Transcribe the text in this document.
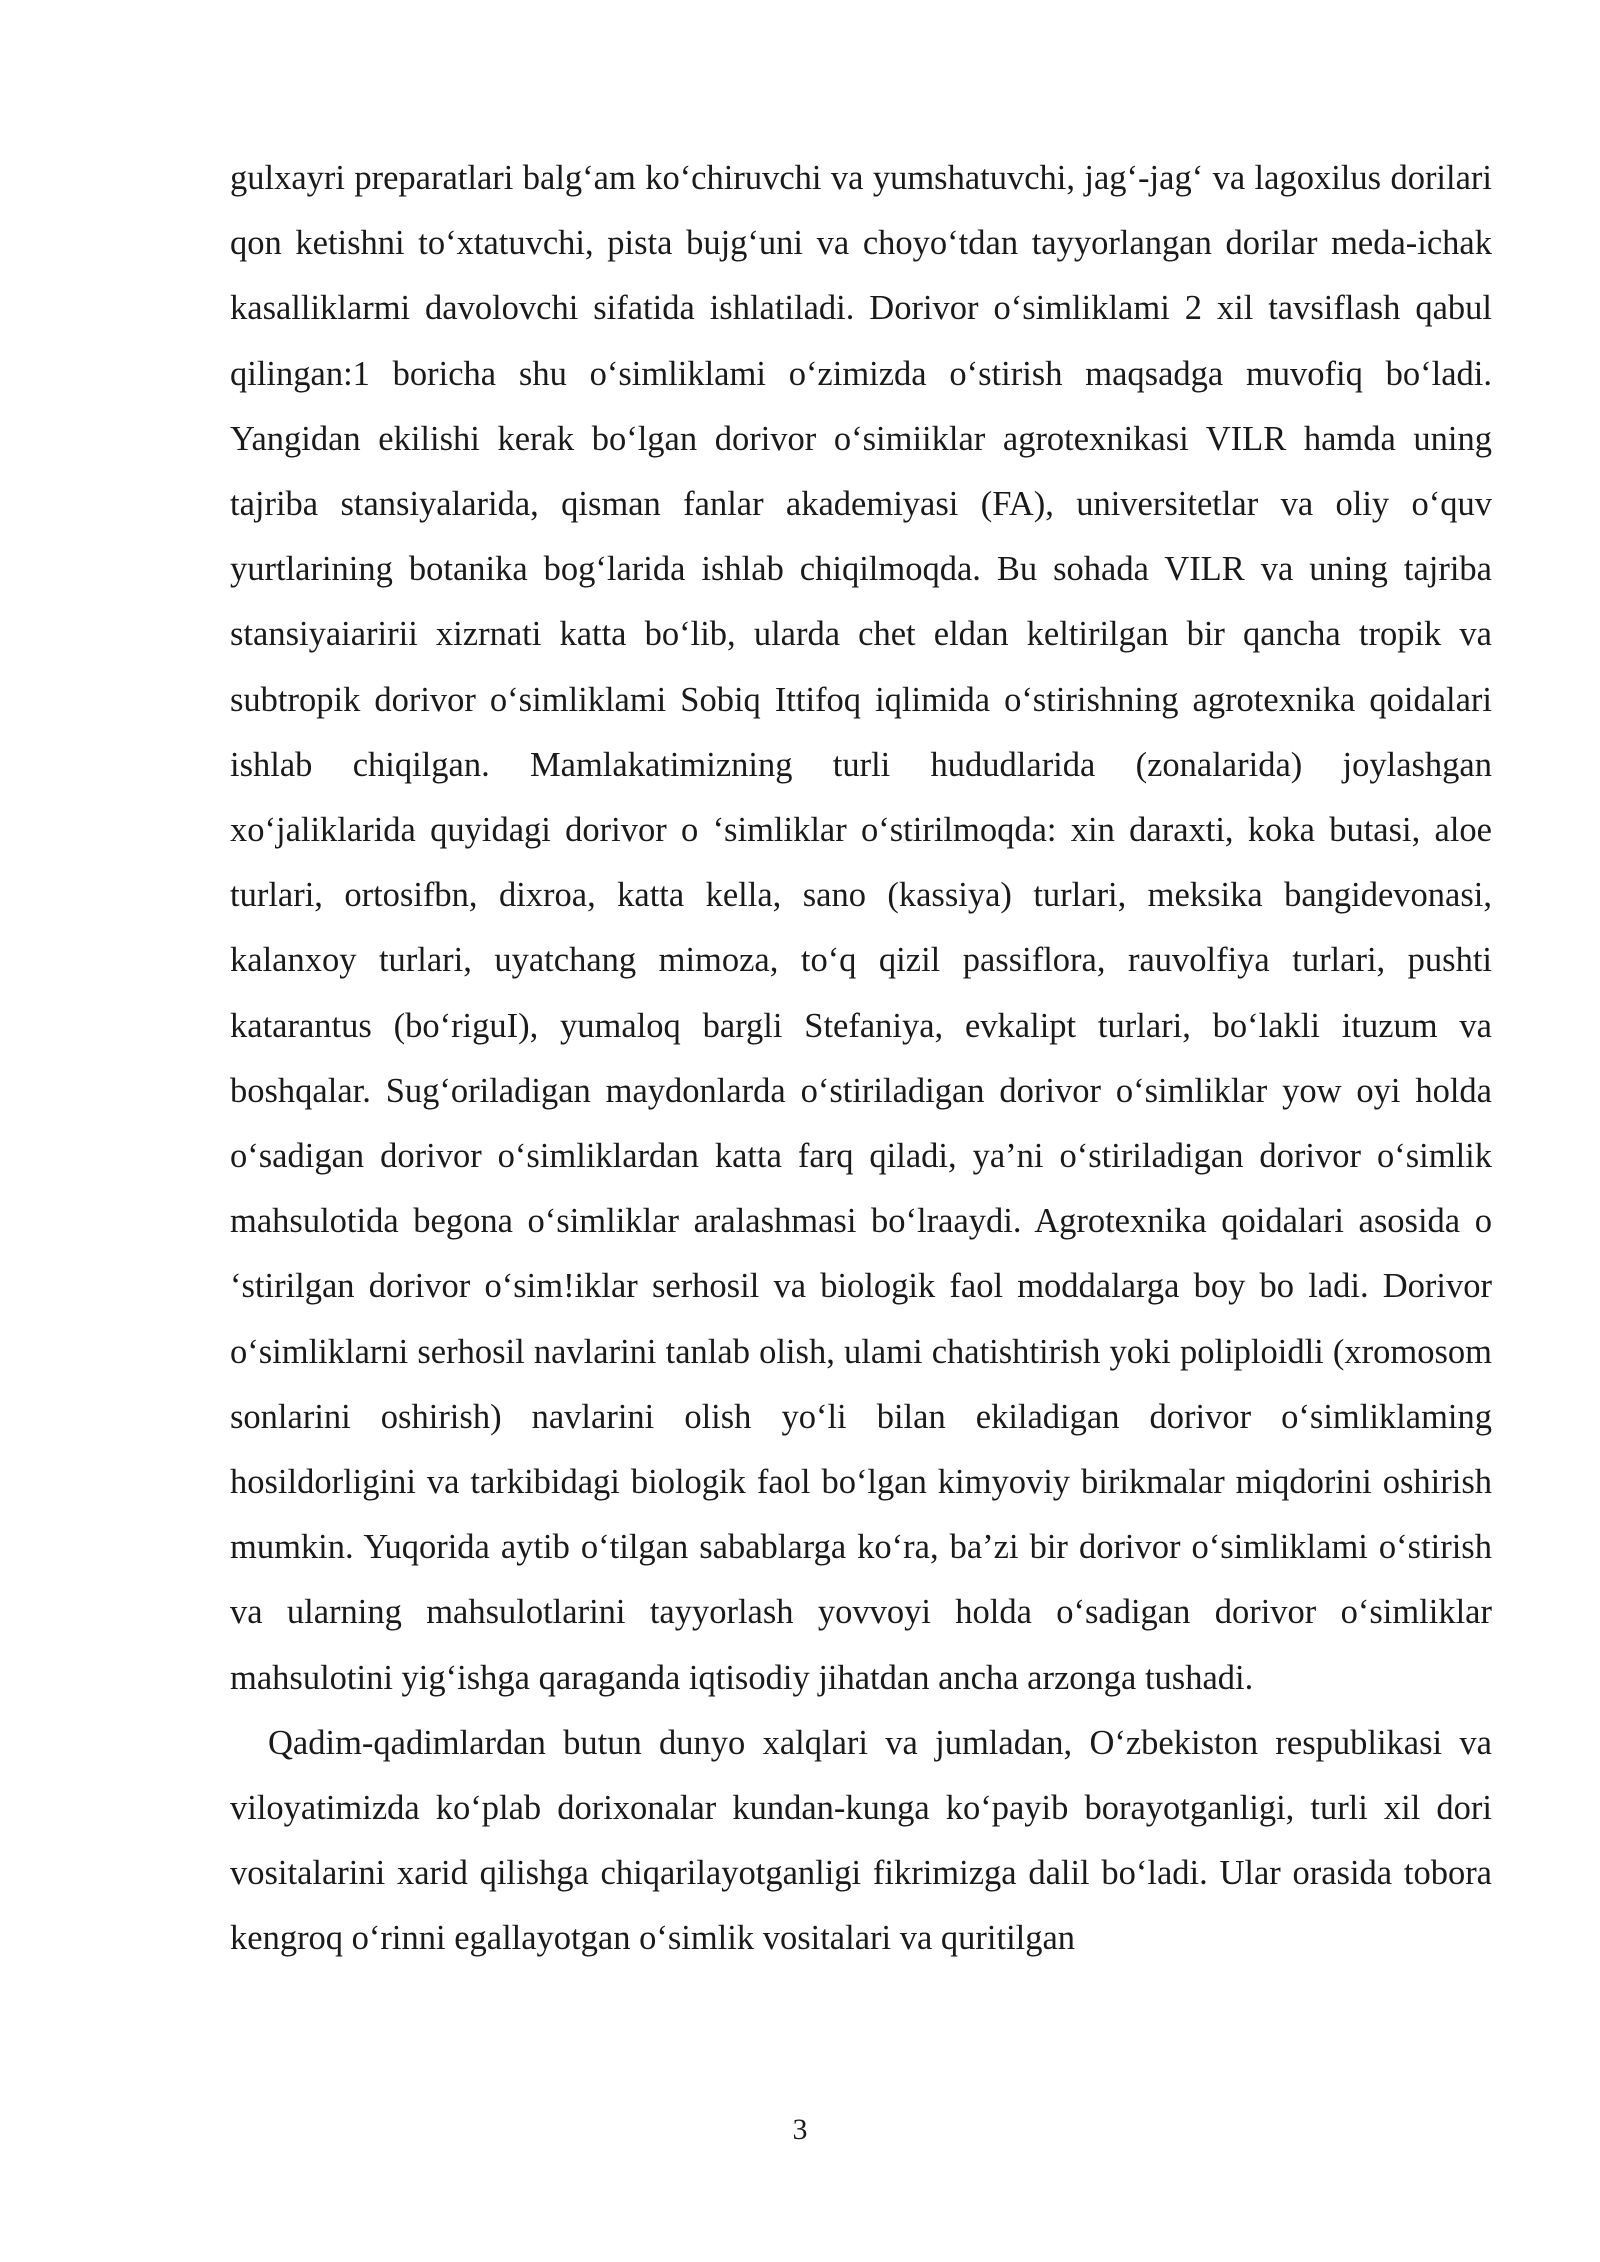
gulxayri preparatlari balg‘am ko‘chiruvchi va yumshatuvchi, jag‘-jag‘ va lagoxilus dorilari qon ketishni to‘xtatuvchi, pista bujg‘uni va choyo‘tdan tayyorlangan dorilar meda-ichak kasalliklarmi davolovchi sifatida ishlatiladi. Dorivor o‘simliklami 2 xil tavsiflash qabul qilingan:1 boricha shu o‘simliklami o‘zimizda o‘stirish maqsadga muvofiq bo‘ladi. Yangidan ekilishi kerak bo‘lgan dorivor o‘simiiklar agrotexnikasi VILR hamda uning tajriba stansiyalarida, qisman fanlar akademiyasi (FA), universitetlar va oliy o‘quv yurtlarining botanika bog‘larida ishlab chiqilmoqda. Bu sohada VILR va uning tajriba stansiyaiaririi xizrnati katta bo‘lib, ularda chet eldan keltirilgan bir qancha tropik va subtropik dorivor o‘simliklami Sobiq Ittifoq iqlimida o‘stirishning agrotexnika qoidalari ishlab chiqilgan. Mamlakatimizning turli hududlarida (zonalarida) joylashgan xo‘jaliklarida quyidagi dorivor o ‘simliklar o‘stirilmoqda: xin daraxti, koka butasi, aloe turlari, ortosifbn, dixroa, katta kella, sano (kassiya) turlari, meksika bangidevonasi, kalanxoy turlari, uyatchang mimoza, to‘q qizil passiflora, rauvolfiya turlari, pushti katarantus (bo‘riguI), yumaloq bargli Stefaniya, evkalipt turlari, bo‘lakli ituzum va boshqalar. Sug‘oriladigan maydonlarda o‘stiriladigan dorivor o‘simliklar yow oyi holda o‘sadigan dorivor o‘simliklardan katta farq qiladi, ya’ni o‘stiriladigan dorivor o‘simlik mahsulotida begona o‘simliklar aralashmasi bo‘lraaydi. Agrotexnika qoidalari asosida o ‘stirilgan dorivor o‘sim!iklar serhosil va biologik faol moddalarga boy bo ladi. Dorivor o‘simliklarni serhosil navlarini tanlab olish, ulami chatishtirish yoki poliploidli (xromosom sonlarini oshirish) navlarini olish yo‘li bilan ekiladigan dorivor o‘simliklaming hosildorligini va tarkibidagi biologik faol bo‘lgan kimyoviy birikmalar miqdorini oshirish mumkin. Yuqorida aytib o‘tilgan sabablarga ko‘ra, ba’zi bir dorivor o‘simliklami o‘stirish va ularning mahsulotlarini tayyorlash yovvoyi holda o‘sadigan dorivor o‘simliklar mahsulotini yig‘ishga qaraganda iqtisodiy jihatdan ancha arzonga tushadi.

Qadim-qadimlardan butun dunyo xalqlari va jumladan, O‘zbekiston respublikasi va viloyatimizda ko‘plab dorixonalar kundan-kunga ko‘payib borayotganligi, turli xil dori vositalarini xarid qilishga chiqarilayotganligi fikrimizga dalil bo‘ladi. Ular orasida tobora kengroq o‘rinni egallayotgan o‘simlik vositalari va quritilgan

3
